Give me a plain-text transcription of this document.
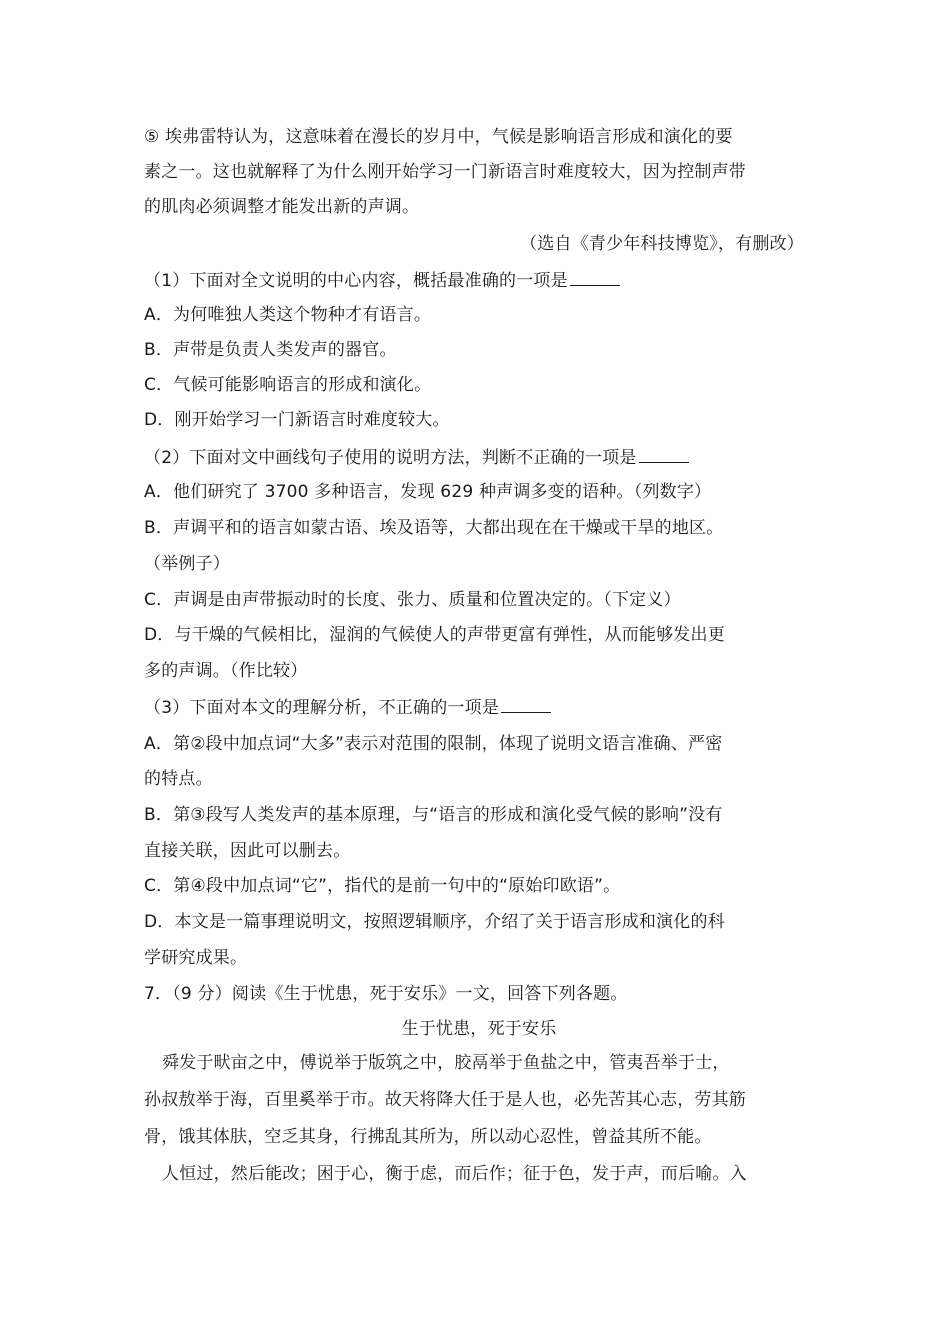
⑤ 埃弗雷特认为，这意味着在漫长的岁月中，气候是影响语言形成和演化的要
素之一。这也就解释了为什么刚开始学习一门新语言时难度较大，因为控制声带
的肌肉必须调整才能发出新的声调。
（选自《青少年科技博览》，有删改）
（1）下面对全文说明的中心内容，概括最准确的一项是
A．为何唯独人类这个物种才有语言。
B．声带是负责人类发声的器官。
C．气候可能影响语言的形成和演化。
D．刚开始学习一门新语言时难度较大。
（2）下面对文中画线句子使用的说明方法，判断不正确的一项是
A．他们研究了 3700 多种语言，发现 629 种声调多变的语种。（列数字）
B．声调平和的语言如蒙古语、埃及语等，大都出现在在干燥或干旱的地区。
（举例子）
C．声调是由声带振动时的长度、张力、质量和位置决定的。（下定义）
D．与干燥的气候相比，湿润的气候使人的声带更富有弹性，从而能够发出更
多的声调。（作比较）
（3）下面对本文的理解分析，不正确的一项是
A．第②段中加点词“大多”表示对范围的限制，体现了说明文语言准确、严密
的特点。
B．第③段写人类发声的基本原理，与“语言的形成和演化受气候的影响”没有
直接关联，因此可以删去。
C．第④段中加点词“它”，指代的是前一句中的“原始印欧语”。
D．本文是一篇事理说明文，按照逻辑顺序，介绍了关于语言形成和演化的科
学研究成果。
7．（9 分）阅读《生于忧患，死于安乐》一文，回答下列各题。
生于忧患，死于安乐
舜发于畎亩之中，傅说举于版筑之中，胶鬲举于鱼盐之中，管夷吾举于士，
孙叔敖举于海，百里奚举于市。故天将降大任于是人也，必先苦其心志，劳其筋
骨，饿其体肤，空乏其身，行拂乱其所为，所以动心忍性，曾益其所不能。
人恒过，然后能改；困于心，衡于虑，而后作；征于色，发于声，而后喻。入
